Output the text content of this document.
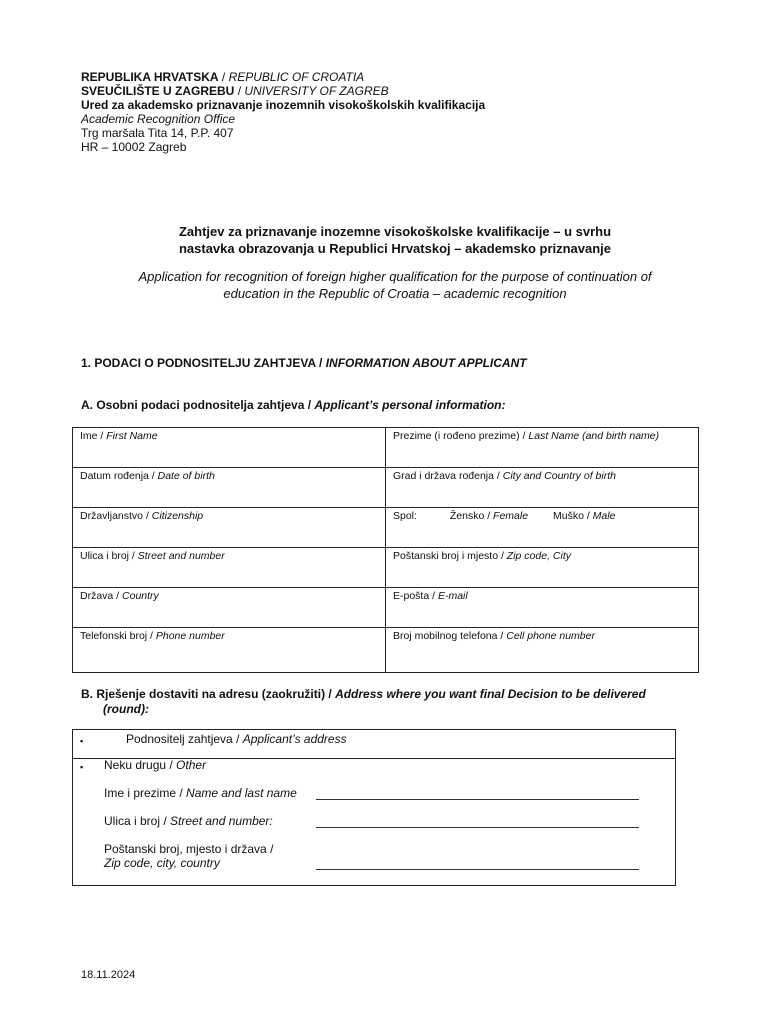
REPUBLIKA HRVATSKA / REPUBLIC OF CROATIA
SVEUČILIŠTE U ZAGREBU / UNIVERSITY OF ZAGREB
Ured za akademsko priznavanje inozemnih visokoškolskih kvalifikacija
Academic Recognition Office
Trg maršala Tita 14, P.P. 407
HR – 10002 Zagreb
Zahtjev za priznavanje inozemne visokoškolske kvalifikacije – u svrhu
nastavka obrazovanja u Republici Hrvatskoj – akademsko priznavanje
Application for recognition of foreign higher qualification for the purpose of continuation of
education in the Republic of Croatia – academic recognition
1. PODACI O PODNOSITELJU ZAHTJEVA / INFORMATION ABOUT APPLICANT
A. Osobni podaci podnositelja zahtjeva / Applicant’s personal information:
Ime / First Name	Prezime (i rođeno prezime) / Last Name (and birth name)
Datum rođenja / Date of birth	Grad i država rođenja / City and Country of birth
Državljanstvo / Citizenship	Spol: Žensko / Female Muško / Male
Ulica i broj / Street and number	Poštanski broj i mjesto / Zip code, City
Država / Country	E-pošta / E-mail
Telefonski broj / Phone number	Broj mobilnog telefona / Cell phone number
B. Rješenje dostaviti na adresu (zaokružiti) / Address where you want final Decision to be delivered
(round):
▪	Podnositelj zahtjeva / Applicant’s address
▪ Neku drugu / Other
Ime i prezime / Name and last name
Ulica i broj / Street and number:
Poštanski broj, mjesto i država /
Zip code, city, country
18.11.2024
